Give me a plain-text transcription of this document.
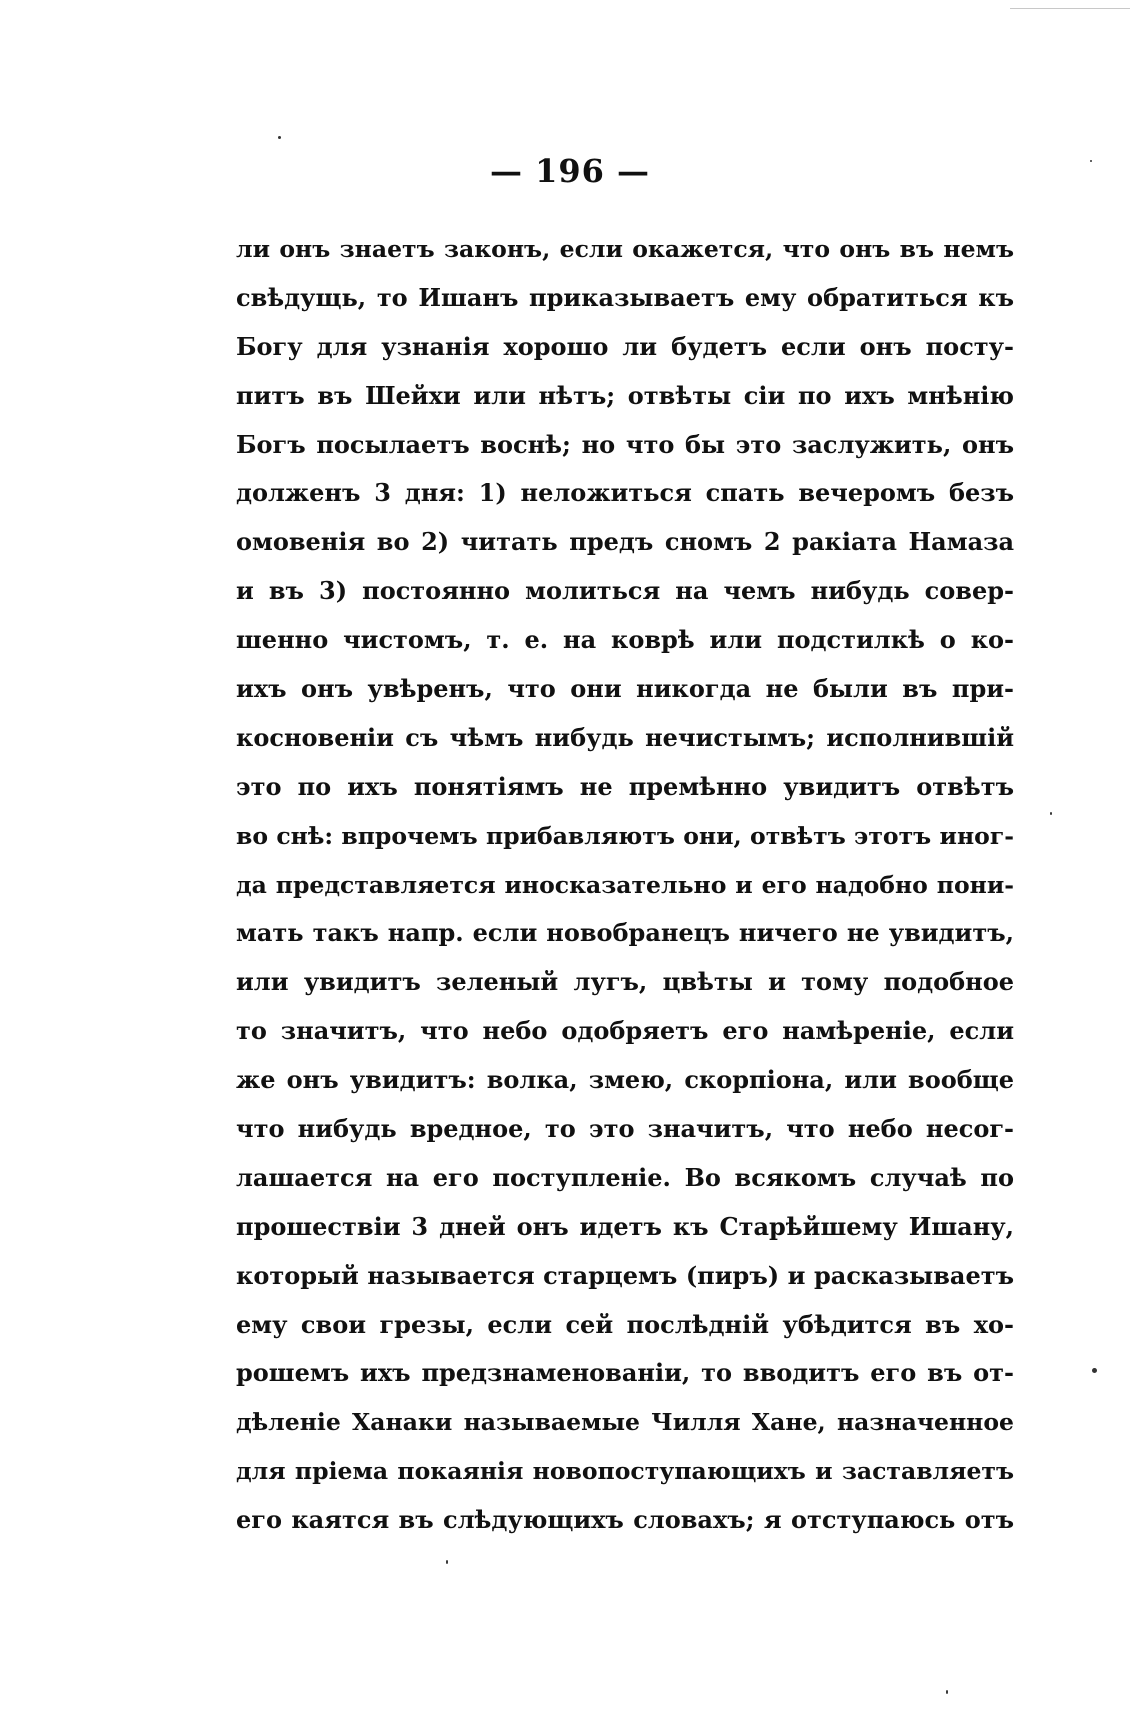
— 196 —
ли онъ знаетъ законъ, если окажется, что онъ въ немъ
свѣдущь, то Ишанъ приказываетъ ему обратиться къ
Богу для узнанія хорошо ли будетъ если онъ посту-
питъ въ Шейхи или нѣтъ; отвѣты сіи по ихъ мнѣнію
Богъ посылаетъ вoснѣ; но что бы это заслужить, онъ
долженъ 3 дня: 1) неложиться спать вечеромъ безъ
омовенія во 2) читать предъ сномъ 2 ракіата Намаза
и въ 3) постоянно молиться на чемъ нибудь совер-
шенно чистомъ, т. е. на коврѣ или подстилкѣ о ко-
ихъ онъ увѣренъ, что они никогда не были въ при-
косновеніи съ чѣмъ нибудь нечистымъ; исполнившій
это по ихъ понятіямъ не премѣнно увидитъ отвѣтъ
во снѣ: впрочемъ прибавляютъ они, отвѣтъ этотъ иног-
да представляется иносказательно и его надобно пони-
мать такъ напр. если новобранецъ ничего не увидитъ,
или увидитъ зеленый лугъ, цвѣты и тому подобное
то значитъ, что небо одобряетъ его намѣреніе, если
же онъ увидитъ: волка, змею, скорпіона, или вообще
что нибудь вредное, то это значитъ, что небо несог-
лашается на его поступленіе. Во всякомъ случаѣ по
прошествіи 3 дней онъ идетъ къ Старѣйшему Ишану,
который называется старцемъ (пиръ) и расказываетъ
ему свои грезы, если сей послѣдній убѣдится въ хо-
рошемъ ихъ предзнаменованіи, то вводитъ его въ от-
дѣленіе Ханаки называемые Чилля Хане, назначенное
для пріема покаянія новопоступающихъ и заставляетъ
его каятся въ слѣдующихъ словахъ; я отступаюсь отъ
